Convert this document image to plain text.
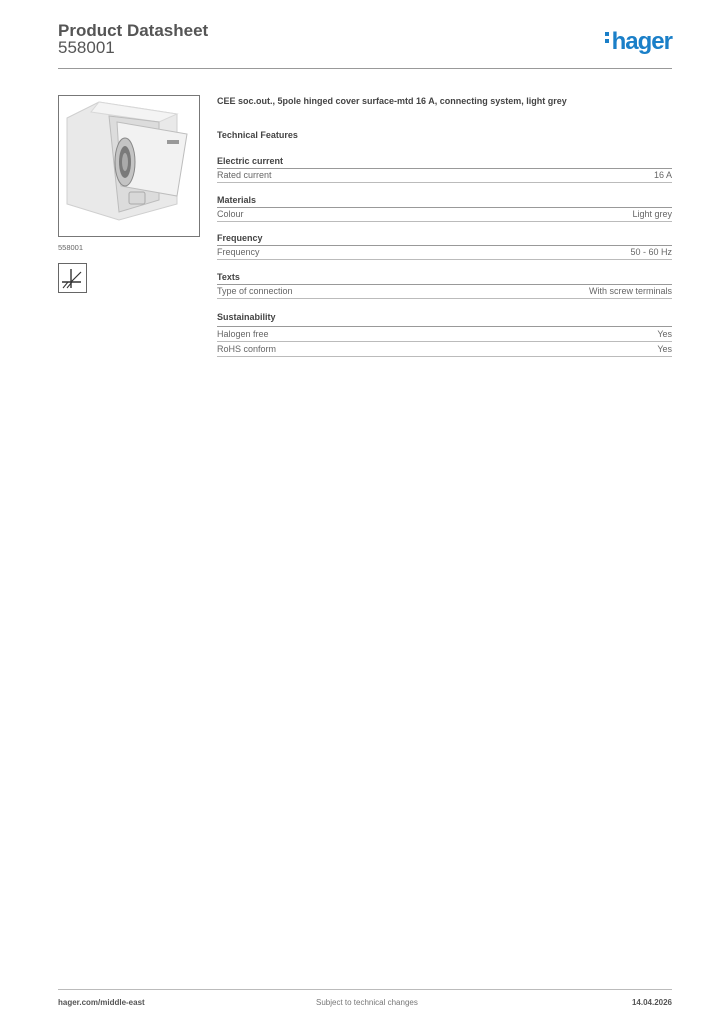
Product Datasheet
558001	hager
558001
CEE soc.out., 5pole hinged cover surface-mtd 16 A, connecting system, light grey
Technical Features
Electric current
Rated current	16 A
Materials
Colour	Light grey
Frequency
Frequency	50 - 60 Hz
Texts
Type of connection	With screw terminals
Sustainability
Halogen free	Yes
RoHS conform	Yes
hager.com/middle-east	Subject to technical changes	14.04.2026
